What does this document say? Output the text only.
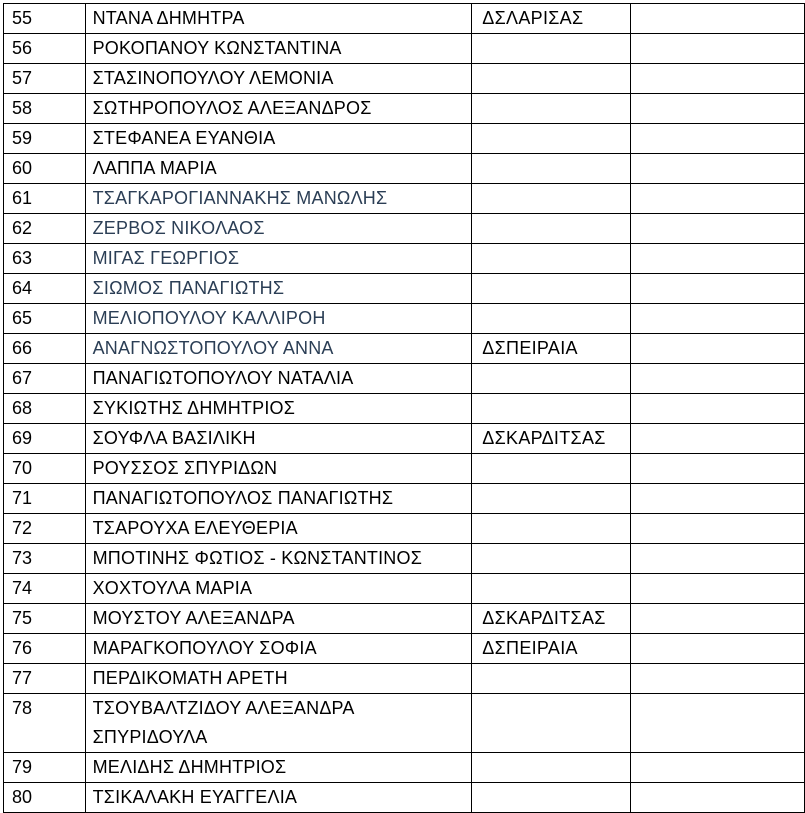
55	ΝΤΑΝΑ ΔΗΜΗΤΡΑ	ΔΣΛΑΡΙΣΑΣ	
56	ΡΟΚΟΠΑΝΟΥ ΚΩΝΣΤΑΝΤΙΝΑ		
57	ΣΤΑΣΙΝΟΠΟΥΛΟΥ ΛΕΜΟΝΙΑ		
58	ΣΩΤΗΡΟΠΟΥΛΟΣ ΑΛΕΞΑΝΔΡΟΣ		
59	ΣΤΕΦΑΝΕΑ ΕΥΑΝΘΙΑ		
60	ΛΑΠΠΑ ΜΑΡΙΑ		
61	ΤΣΑΓΚΑΡΟΓΙΑΝΝΑΚΗΣ ΜΑΝΩΛΗΣ		
62	ΖΕΡΒΟΣ ΝΙΚΟΛΑΟΣ		
63	ΜΙΓΑΣ ΓΕΩΡΓΙΟΣ		
64	ΣΙΩΜΟΣ ΠΑΝΑΓΙΩΤΗΣ		
65	ΜΕΛΙΟΠΟΥΛΟΥ ΚΑΛΛΙΡΟΗ		
66	ΑΝΑΓΝΩΣΤΟΠΟΥΛΟΥ ΑΝΝΑ	ΔΣΠΕΙΡΑΙΑ	
67	ΠΑΝΑΓΙΩΤΟΠΟΥΛΟΥ ΝΑΤΑΛΙΑ		
68	ΣΥΚΙΩΤΗΣ ΔΗΜΗΤΡΙΟΣ		
69	ΣΟΥΦΛΑ ΒΑΣΙΛΙΚΗ	ΔΣΚΑΡΔΙΤΣΑΣ	
70	ΡΟΥΣΣΟΣ ΣΠΥΡΙΔΩΝ		
71	ΠΑΝΑΓΙΩΤΟΠΟΥΛΟΣ ΠΑΝΑΓΙΩΤΗΣ		
72	ΤΣΑΡΟΥΧΑ ΕΛΕΥΘΕΡΙΑ		
73	ΜΠΟΤΙΝΗΣ ΦΩΤΙΟΣ - ΚΩΝΣΤΑΝΤΙΝΟΣ		
74	ΧΟΧΤΟΥΛΑ ΜΑΡΙΑ		
75	ΜΟΥΣΤΟΥ ΑΛΕΞΑΝΔΡΑ	ΔΣΚΑΡΔΙΤΣΑΣ	
76	ΜΑΡΑΓΚΟΠΟΥΛΟΥ ΣΟΦΙΑ	ΔΣΠΕΙΡΑΙΑ	
77	ΠΕΡΔΙΚΟΜΑΤΗ ΑΡΕΤΗ		
78	ΤΣΟΥΒΑΛΤΖΙΔΟΥ ΑΛΕΞΑΝΔΡΑ ΣΠΥΡΙΔΟΥΛΑ		
79	ΜΕΛΙΔΗΣ ΔΗΜΗΤΡΙΟΣ		
80	ΤΣΙΚΑΛΑΚΗ ΕΥΑΓΓΕΛΙΑ		
